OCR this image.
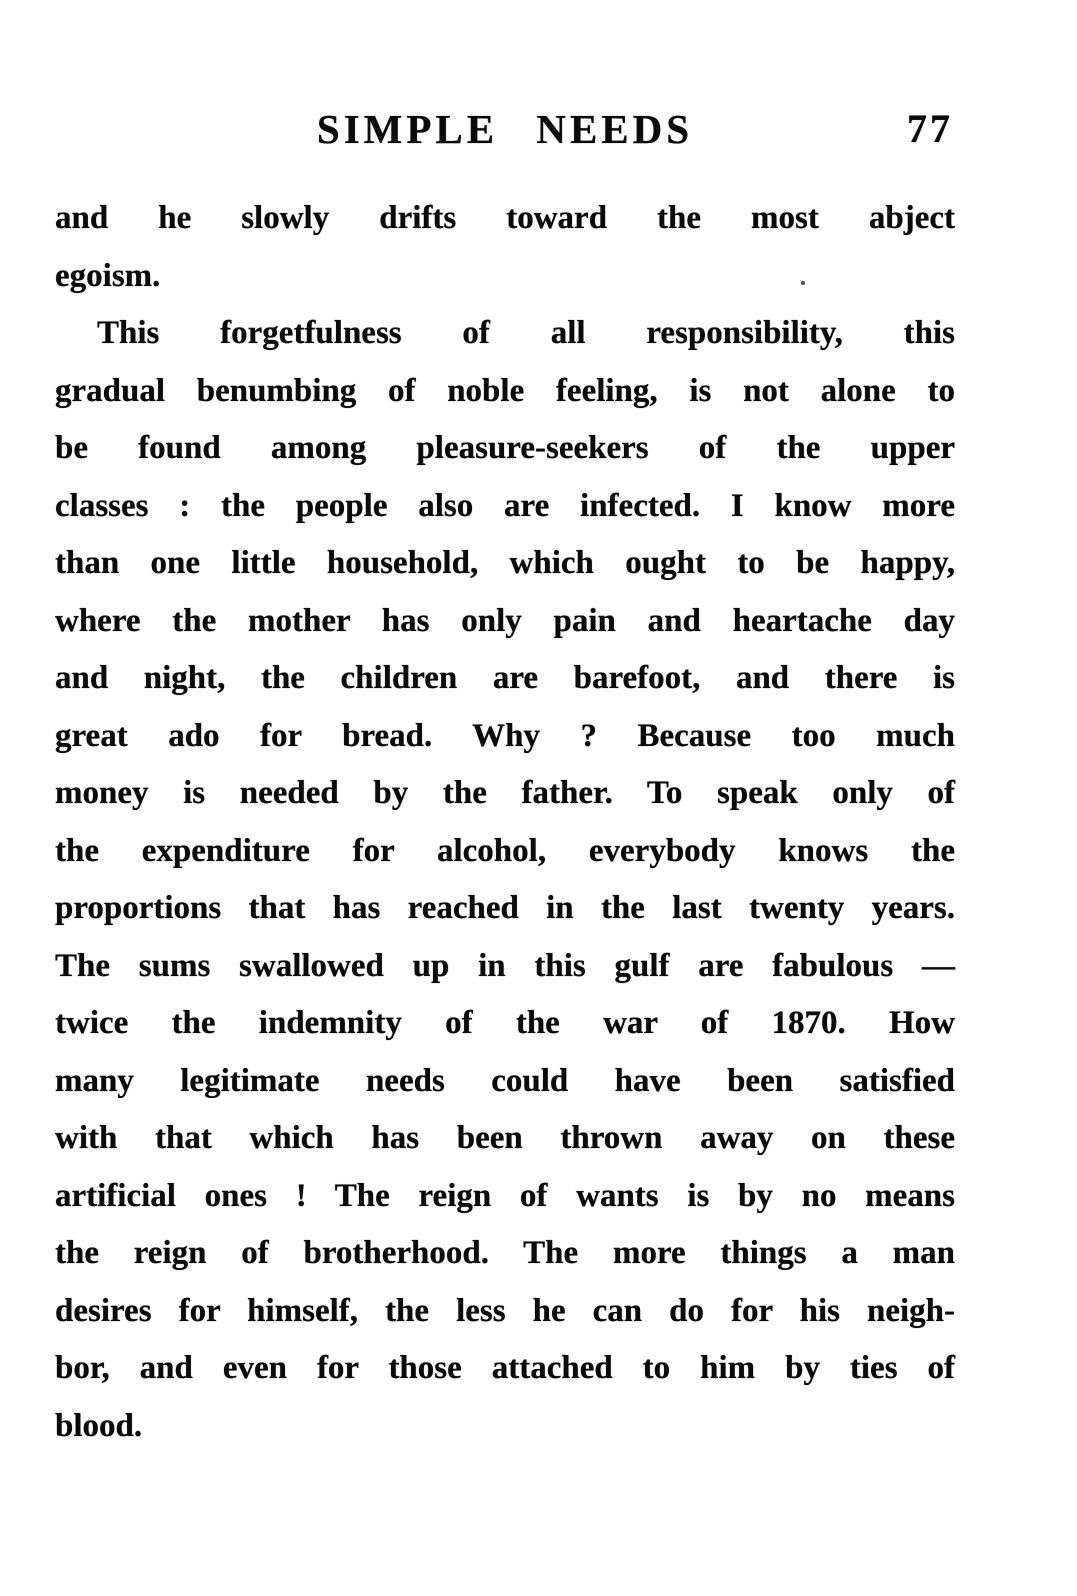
SIMPLE NEEDS	77
and he slowly drifts toward the most abject
egoism.
This forgetfulness of all responsibility, this
gradual benumbing of noble feeling, is not alone to
be found among pleasure-seekers of the upper
classes : the people also are infected. I know more
than one little household, which ought to be happy,
where the mother has only pain and heartache day
and night, the children are barefoot, and there is
great ado for bread. Why ? Because too much
money is needed by the father. To speak only of
the expenditure for alcohol, everybody knows the
proportions that has reached in the last twenty years.
The sums swallowed up in this gulf are fabulous —
twice the indemnity of the war of 1870. How
many legitimate needs could have been satisfied
with that which has been thrown away on these
artificial ones ! The reign of wants is by no means
the reign of brotherhood. The more things a man
desires for himself, the less he can do for his neigh-
bor, and even for those attached to him by ties of
blood.
